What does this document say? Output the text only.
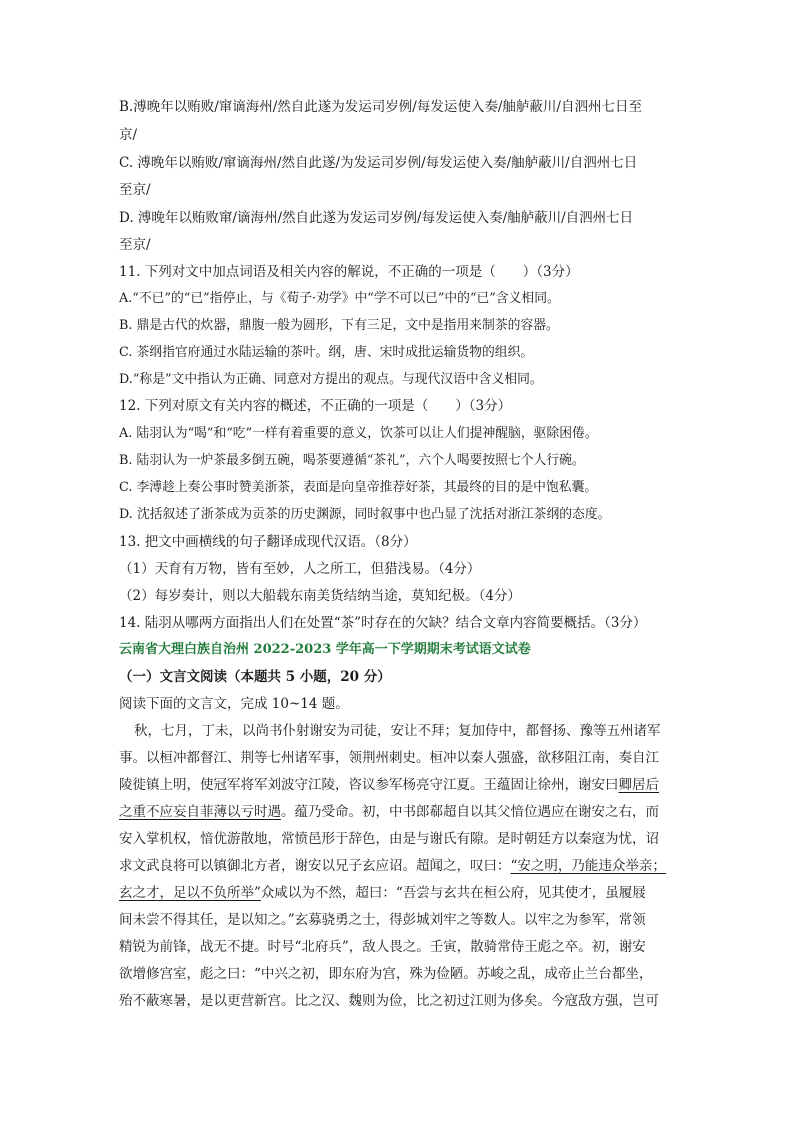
B.溥晚年以贿败/窜谪海州/然自此遂为发运司岁例/每发运使入奏/舳舻蔽川/自泗州七日至
京/
C. 溥晚年以贿败/窜谪海州/然自此遂/为发运司岁例/每发运使入奏/舳舻蔽川/自泗州七日
至京/
D. 溥晚年以贿败窜/谪海州/然自此遂为发运司岁例/每发运使入奏/舳舻蔽川/自泗州七日
至京/
11. 下列对文中加点词语及相关内容的解说，不正确的一项是（　　）（3分）
A.“不已”的“已”指停止，与《荀子·劝学》中“学不可以已”中的“已”含义相同。
B. 鼎是古代的炊器，鼎腹一般为圆形，下有三足，文中是指用来制茶的容器。
C. 茶纲指官府通过水陆运输的茶叶。纲，唐、宋时成批运输货物的组织。
D.“称是”文中指认为正确、同意对方提出的观点。与现代汉语中含义相同。
12. 下列对原文有关内容的概述，不正确的一项是（　　）（3分）
A. 陆羽认为“喝”和“吃”一样有着重要的意义，饮茶可以让人们提神醒脑，驱除困倦。
B. 陆羽认为一炉茶最多倒五碗，喝茶要遵循“茶礼”，六个人喝要按照七个人行碗。
C. 李溥趁上奏公事时赞美浙茶，表面是向皇帝推荐好茶，其最终的目的是中饱私囊。
D. 沈括叙述了浙茶成为贡茶的历史渊源，同时叙事中也凸显了沈括对浙江茶纲的态度。
13. 把文中画横线的句子翻译成现代汉语。（8分）
（1）天育有万物，皆有至妙，人之所工，但猎浅易。（4分）
（2）每岁奏计，则以大船载东南美货结纳当途，莫知纪极。（4分）
14. 陆羽从哪两方面指出人们在处置“茶”时存在的欠缺？结合文章内容简要概括。（3分）
云南省大理白族自治州 2022-2023 学年高一下学期期末考试语文试卷
（一）文言文阅读（本题共 5 小题，20 分）
阅读下面的文言文，完成 10~14 题。
秋，七月，丁未，以尚书仆射谢安为司徒，安让不拜；复加侍中，都督扬、豫等五州诸军
事。以桓冲都督江、荆等七州诸军事，领荆州刺史。桓冲以秦人强盛，欲移阻江南，奏自江
陵徙镇上明，使冠军将军刘波守江陵，咨议参军杨亮守江夏。王蕴固让徐州，谢安曰卿居后
之重不应妄自菲薄以亏时遇。蕴乃受命。初，中书郎郗超自以其父愔位遇应在谢安之右，而
安入掌机权，愔优游散地，常愤邑形于辞色，由是与谢氏有隙。是时朝廷方以秦寇为忧，诏
求文武良将可以镇御北方者，谢安以兄子玄应诏。超闻之，叹曰：“安之明，乃能违众举亲；
玄之才，足以不负所举”众咸以为不然，超曰：“吾尝与玄共在桓公府，见其使才，虽履屐
间未尝不得其任，是以知之。”玄募骁勇之士，得彭城刘牢之等数人。以牢之为参军，常领
精锐为前锋，战无不捷。时号“北府兵”，敌人畏之。壬寅，散骑常侍王彪之卒。初，谢安
欲增修宫室，彪之曰：“中兴之初，即东府为宫，殊为俭陋。苏峻之乱，成帝止兰台都坐，
殆不蔽寒暑，是以更营新宫。比之汉、魏则为俭，比之初过江则为侈矣。今寇敌方强，岂可
